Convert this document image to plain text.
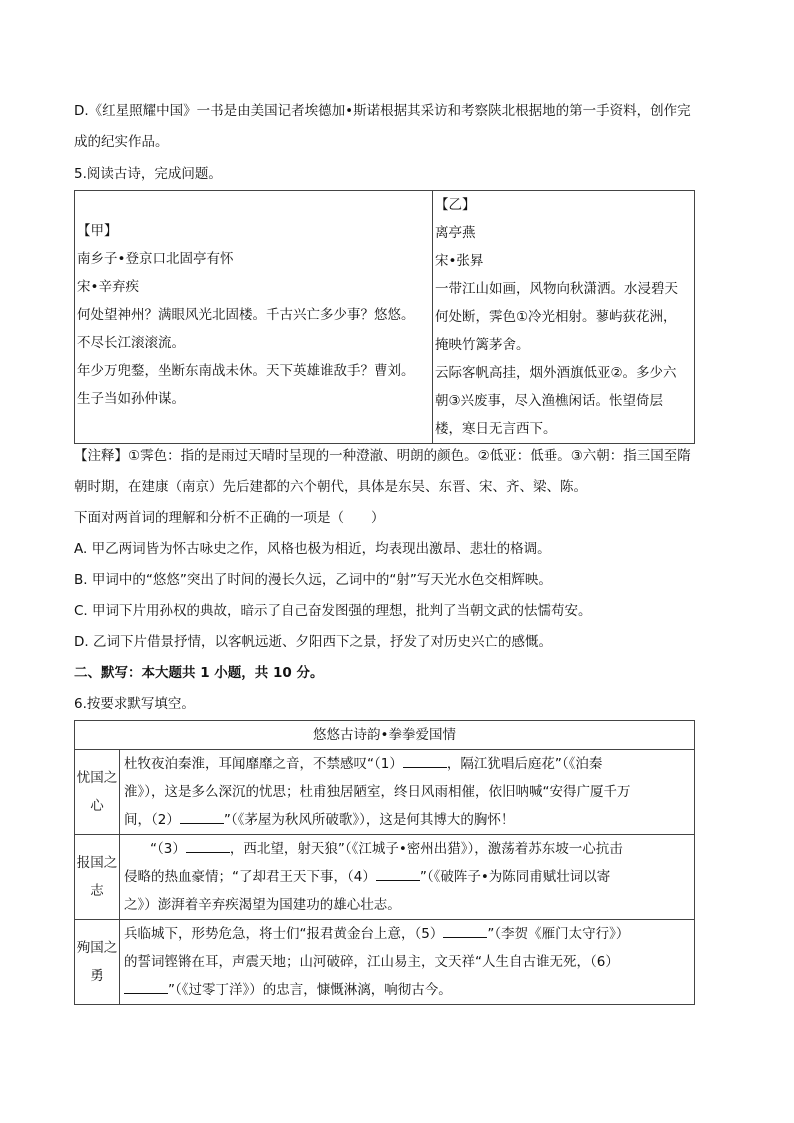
D.《红星照耀中国》一书是由美国记者埃德加•斯诺根据其采访和考察陕北根据地的第一手资料，创作完

成的纪实作品。

5.阅读古诗，完成问题。

【甲】
南乡子•登京口北固亭有怀
宋•辛弃疾
何处望神州？满眼风光北固楼。千古兴亡多少事？悠悠。
不尽长江滚滚流。
年少万兜鍪，坐断东南战未休。天下英雄谁敌手？曹刘。
生子当如孙仲谋。

【乙】
离亭燕
宋•张昪
一带江山如画，风物向秋潇洒。水浸碧天
何处断，霁色①冷光相射。蓼屿荻花洲，
掩映竹篱茅舍。
云际客帆高挂，烟外酒旗低亚②。多少六
朝③兴废事，尽入渔樵闲话。怅望倚层
楼，寒日无言西下。

【注释】①霁色：指的是雨过天晴时呈现的一种澄澈、明朗的颜色。②低亚：低垂。③六朝：指三国至隋

朝时期，在建康（南京）先后建都的六个朝代，具体是东吴、东晋、宋、齐、梁、陈。

下面对两首词的理解和分析不正确的一项是（　　）

A. 甲乙两词皆为怀古咏史之作，风格也极为相近，均表现出激昂、悲壮的格调。

B. 甲词中的“悠悠”突出了时间的漫长久远，乙词中的“射”写天光水色交相辉映。

C. 甲词下片用孙权的典故，暗示了自己奋发图强的理想，批判了当朝文武的怯懦苟安。

D. 乙词下片借景抒情，以客帆远逝、夕阳西下之景，抒发了对历史兴亡的感慨。

二、默写：本大题共 1 小题，共 10 分。

6.按要求默写填空。

悠悠古诗韵•拳拳爱国情	

忧国之
心	杜牧夜泊秦淮，耳闻靡靡之音，不禁感叹“（1） ，隔江犹唱后庭花”（《泊秦
淮》），这是多么深沉的忧思；杜甫独居陋室，终日风雨相催，依旧呐喊“安得广厦千万
间，（2） ”（《茅屋为秋风所破歌》），这是何其博大的胸怀！

报国之
志	“（3） ，西北望，射天狼”（《江城子•密州出猎》），激荡着苏东坡一心抗击
侵略的热血豪情；“了却君王天下事，（4） ”（《破阵子•为陈同甫赋壮词以寄
之》）澎湃着辛弃疾渴望为国建功的雄心壮志。

殉国之
勇	兵临城下，形势危急，将士们“报君黄金台上意，（5） ”（李贺《雁门太守行》）
的誓词铿锵在耳，声震天地；山河破碎，江山易主，文天祥“人生自古谁无死，（6）
”（《过零丁洋》）的忠言，慷慨淋漓，响彻古今。
